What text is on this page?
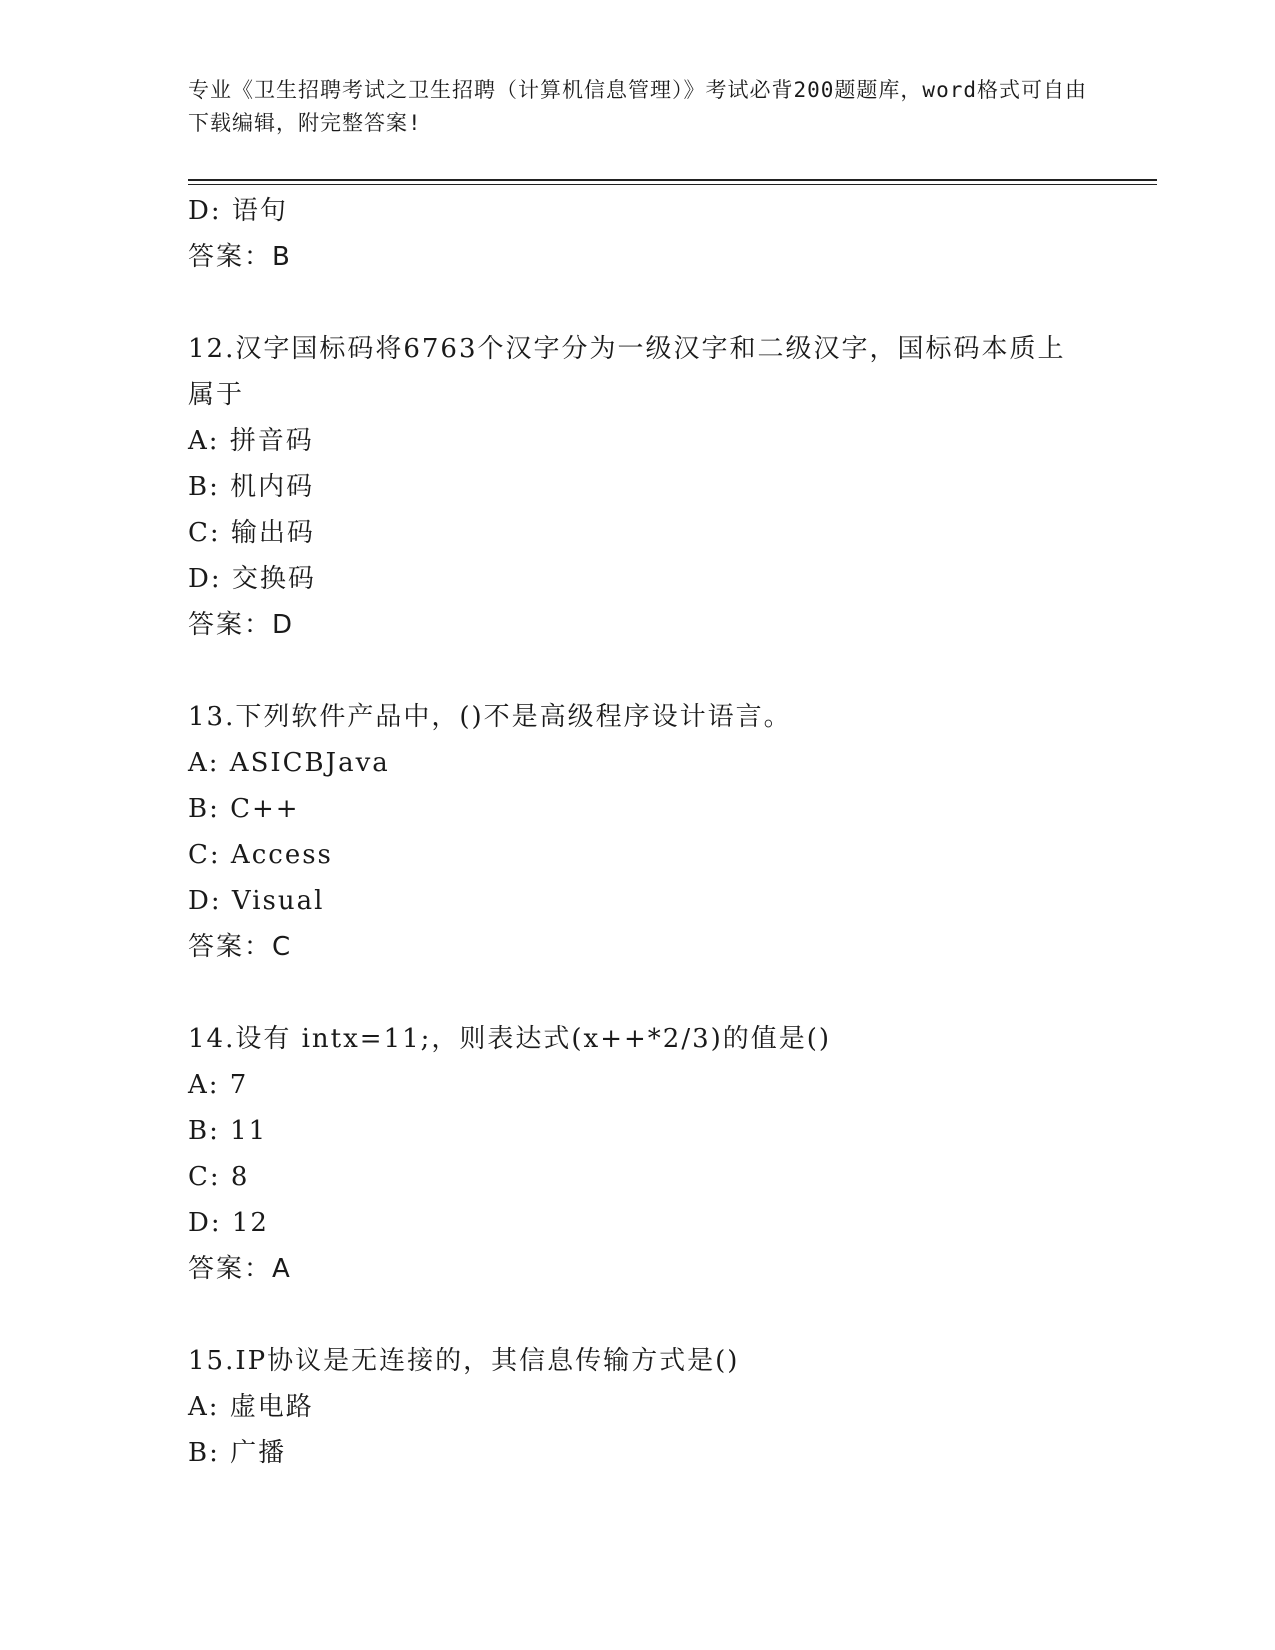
专业《卫生招聘考试之卫生招聘（计算机信息管理）》考试必背200题题库，word格式可自由下载编辑，附完整答案!
D: 语句
答案：B
12.汉字国标码将6763个汉字分为一级汉字和二级汉字，国标码本质上属于
A: 拼音码
B: 机内码
C: 输出码
D: 交换码
答案：D
13.下列软件产品中，()不是高级程序设计语言。
A: ASICBJava
B: C++
C: Access
D: Visual
答案：C
14.设有 intx=11;，则表达式(x++*2/3)的值是()
A: 7
B: 11
C: 8
D: 12
答案：A
15.IP协议是无连接的，其信息传输方式是()
A: 虚电路
B: 广播
